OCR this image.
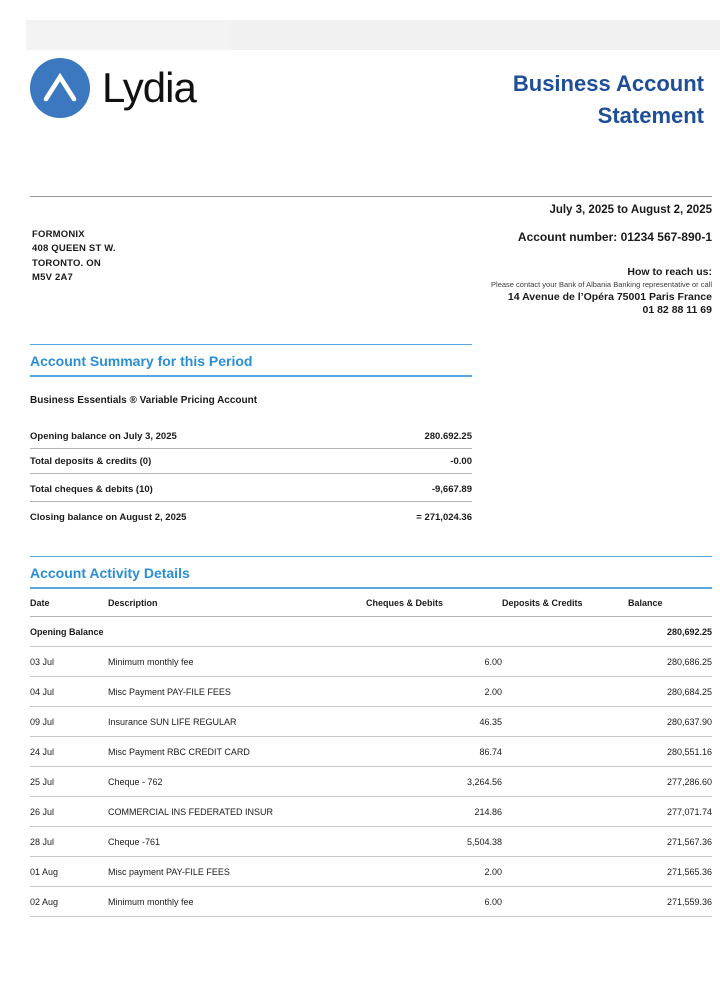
Lydia	Business Account
Statement
FORMONIX
408 QUEEN ST W.
TORONTO. ON
M5V 2A7
July 3, 2025 to August 2, 2025
Account number: 01234 567-890-1
How to reach us:
Please contact your Bank of Albania Banking representative or call
14 Avenue de l’Opéra 75001 Paris France
01 82 88 11 69
Account Summary for this Period
Business Essentials ® Variable Pricing Account
Opening balance on July 3, 2025	280.692.25
Total deposits & credits (0)	-0.00
Total cheques & debits (10)	-9,667.89
Closing balance on August 2, 2025	= 271,024.36
Account Activity Details
Date	Description	Cheques & Debits	Deposits & Credits	Balance
Opening Balance				280,692.25
03 Jul	Minimum monthly fee	6.00		280,686.25
04 Jul	Misc Payment PAY-FILE FEES	2.00		280,684.25
09 Jul	Insurance SUN LIFE REGULAR	46.35		280,637.90
24 Jul	Misc Payment RBC CREDIT CARD	86.74		280,551.16
25 Jul	Cheque - 762	3,264.56		277,286.60
26 Jul	COMMERCIAL INS FEDERATED INSUR	214.86		277,071.74
28 Jul	Cheque -761	5,504.38		271,567.36
01 Aug	Misc payment PAY-FILE FEES	2.00		271,565.36
02 Aug	Minimum monthly fee	6.00		271,559.36
